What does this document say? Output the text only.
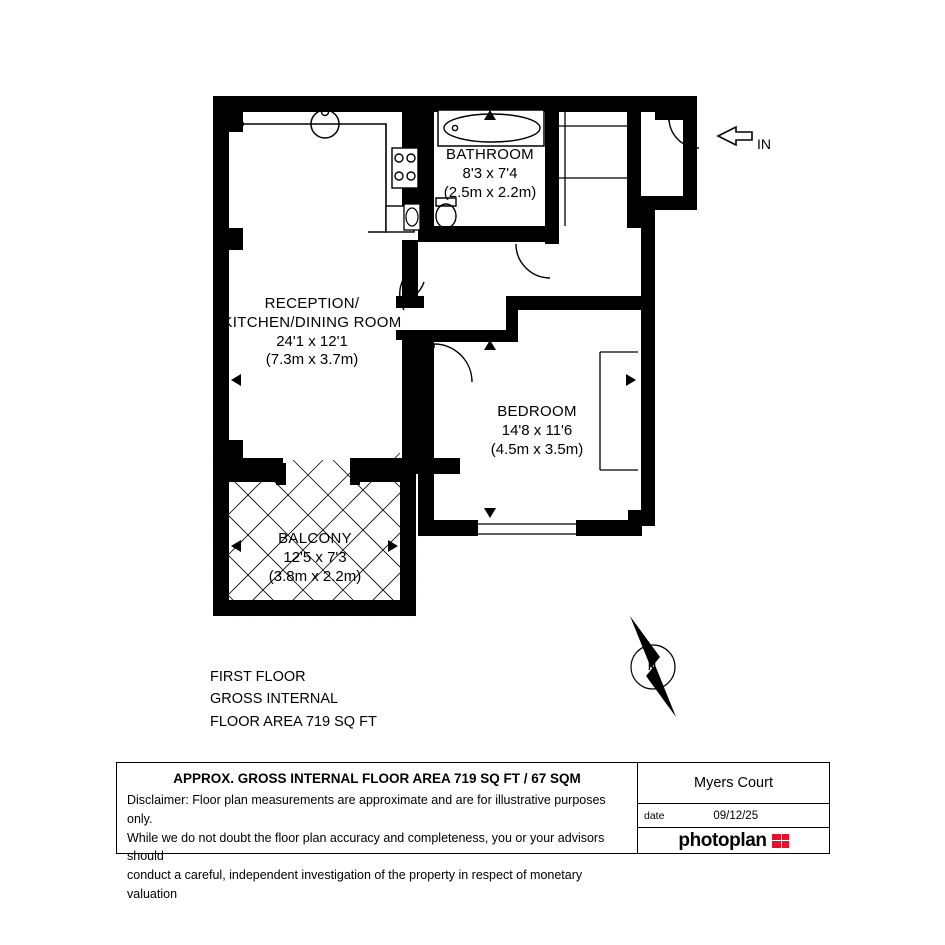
BATHROOM
8'3 x 7'4
(2.5m x 2.2m)
RECEPTION/
KITCHEN/DINING ROOM
24'1 x 12'1
(7.3m x 3.7m)
BEDROOM
14'8 x 11'6
(4.5m x 3.5m)
BALCONY
12'5 x 7'3
(3.8m x 2.2m)
IN
N
FIRST FLOOR
GROSS INTERNAL
FLOOR AREA 719 SQ FT
APPROX. GROSS INTERNAL FLOOR AREA 719 SQ FT / 67 SQM
Disclaimer: Floor plan measurements are approximate and are for illustrative purposes only.
While we do not doubt the floor plan accuracy and completeness, you or your advisors should
conduct a careful, independent investigation of the property in respect of monetary valuation
Myers Court
date	09/12/25
photoplan
